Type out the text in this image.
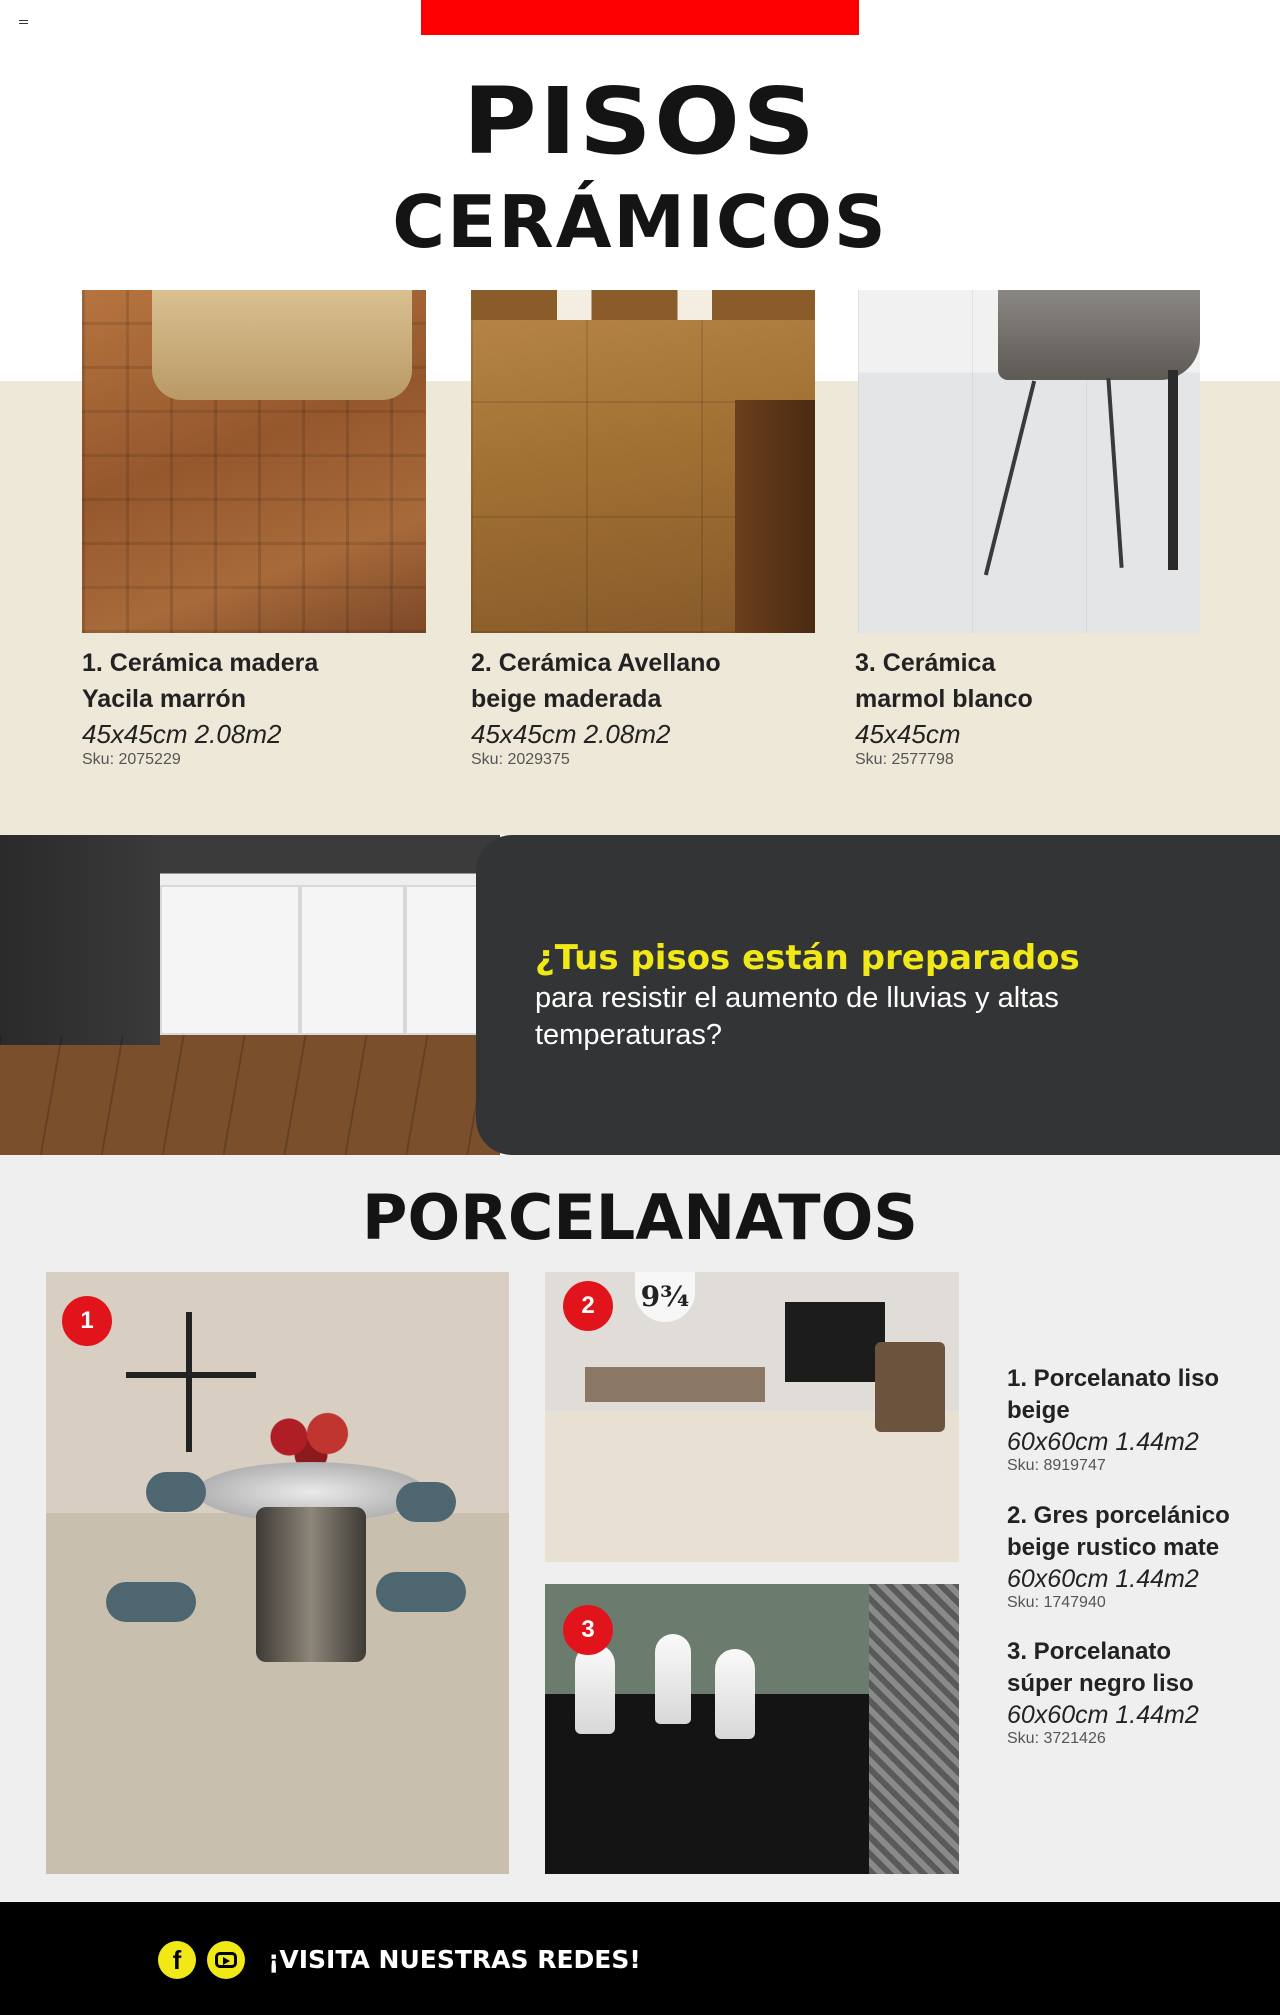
PISOS
CERÁMICOS
1. Cerámica madera Yacila marrón
45x45cm 2.08m2
Sku: 2075229
2. Cerámica Avellano beige maderada
45x45cm 2.08m2
Sku: 2029375
3. Cerámica marmol blanco
45x45cm
Sku: 2577798
¿Tus pisos están preparados
para resistir el aumento de lluvias y altas temperaturas?
PORCELANATOS
9¾
1
2
3
1. Porcelanato liso beige
60x60cm 1.44m2
Sku: 8919747
2. Gres porcelánico beige rustico mate
60x60cm 1.44m2
Sku: 1747940
3. Porcelanato súper negro liso
60x60cm 1.44m2
Sku: 3721426
f	¡VISITA NUESTRAS REDES!
